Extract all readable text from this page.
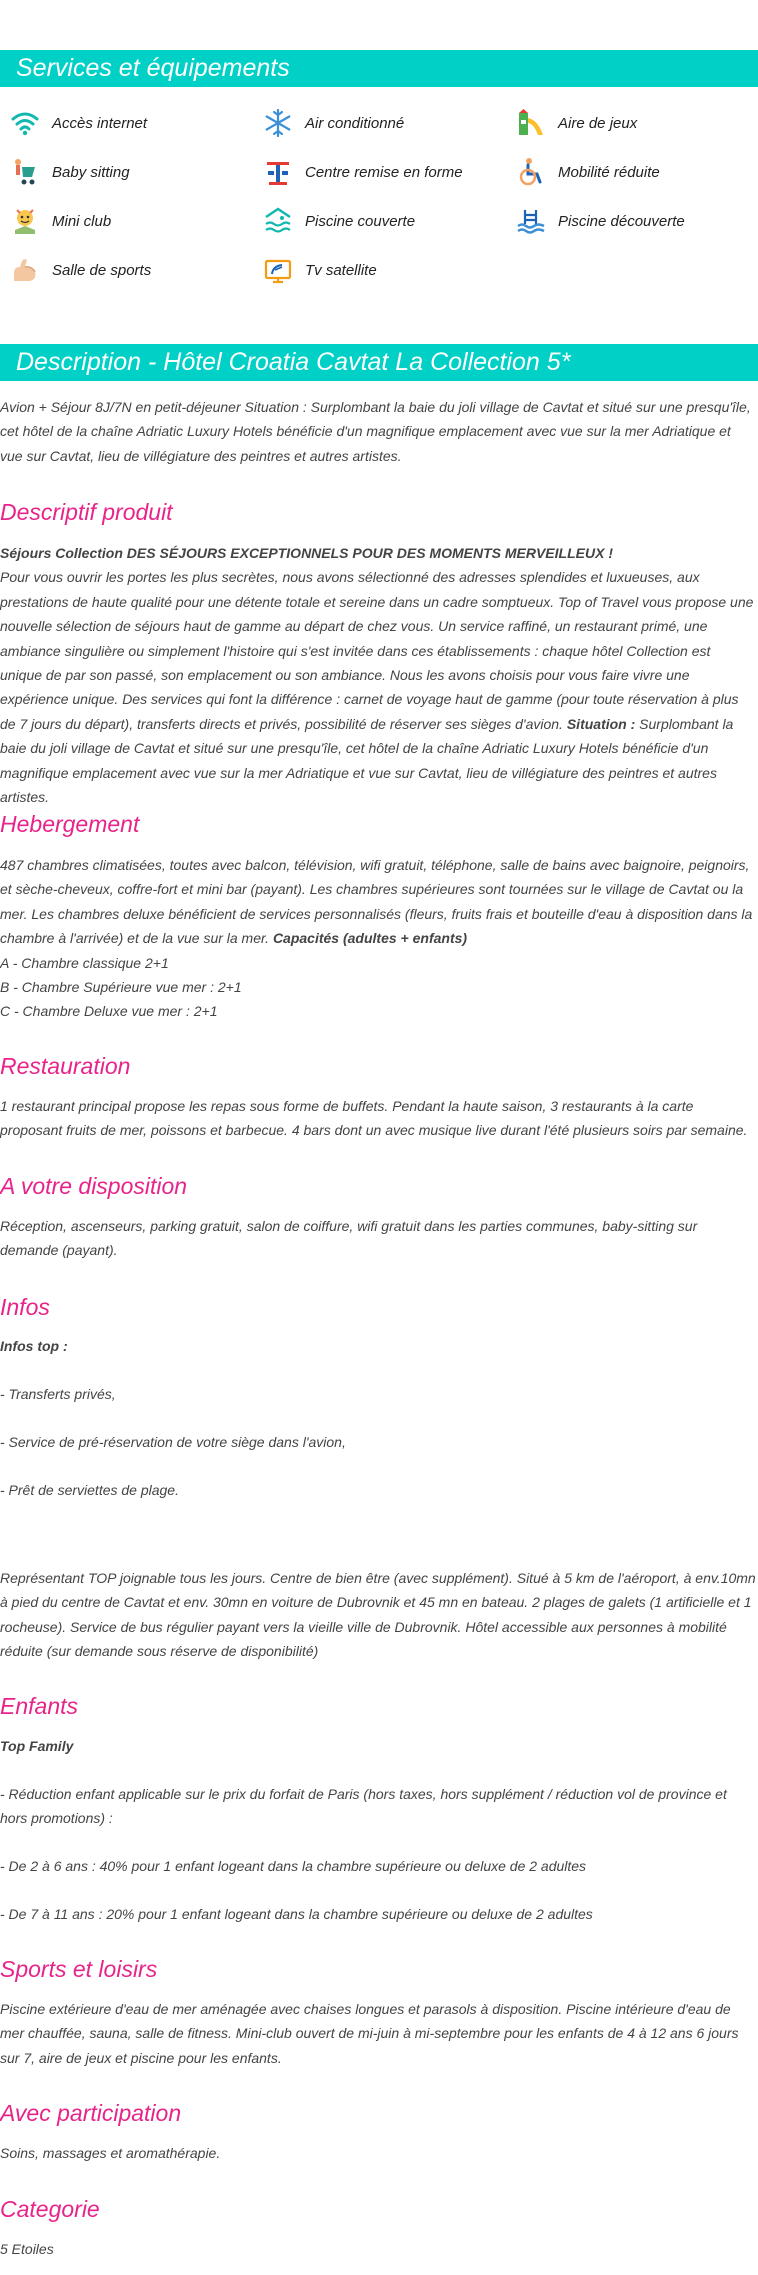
Services et équipements
Accès internet	Air conditionné	Aire de jeux
Baby sitting	Centre remise en forme	Mobilité réduite
Mini club	Piscine couverte	Piscine découverte
Salle de sports	Tv satellite
Description - Hôtel Croatia Cavtat La Collection 5*

Avion + Séjour 8J/7N en petit-déjeuner Situation : Surplombant la baie du joli village de Cavtat et situé sur une presqu'île, cet hôtel de la chaîne Adriatic Luxury Hotels bénéficie d'un magnifique emplacement avec vue sur la mer Adriatique et vue sur Cavtat, lieu de villégiature des peintres et autres artistes.

Descriptif produit

Séjours Collection DES SÉJOURS EXCEPTIONNELS POUR DES MOMENTS MERVEILLEUX !

Pour vous ouvrir les portes les plus secrètes, nous avons sélectionné des adresses splendides et luxueuses, aux prestations de haute qualité pour une détente totale et sereine dans un cadre somptueux. Top of Travel vous propose une nouvelle sélection de séjours haut de gamme au départ de chez vous. Un service raffiné, un restaurant primé, une ambiance singulière ou simplement l'histoire qui s'est invitée dans ces établissements : chaque hôtel Collection est unique de par son passé, son emplacement ou son ambiance. Nous les avons choisis pour vous faire vivre une expérience unique. Des services qui font la différence : carnet de voyage haut de gamme (pour toute réservation à plus de 7 jours du départ), transferts directs et privés, possibilité de réserver ses sièges d'avion. Situation : Surplombant la baie du joli village de Cavtat et situé sur une presqu'île, cet hôtel de la chaîne Adriatic Luxury Hotels bénéficie d'un magnifique emplacement avec vue sur la mer Adriatique et vue sur Cavtat, lieu de villégiature des peintres et autres artistes.

Hebergement

487 chambres climatisées, toutes avec balcon, télévision, wifi gratuit, téléphone, salle de bains avec baignoire, peignoirs, et sèche-cheveux, coffre-fort et mini bar (payant). Les chambres supérieures sont tournées sur le village de Cavtat ou la mer. Les chambres deluxe bénéficient de services personnalisés (fleurs, fruits frais et bouteille d'eau à disposition dans la chambre à l'arrivée) et de la vue sur la mer. Capacités (adultes + enfants)

A - Chambre classique 2+1

B - Chambre Supérieure vue mer : 2+1

C - Chambre Deluxe vue mer : 2+1

Restauration

1 restaurant principal propose les repas sous forme de buffets. Pendant la haute saison, 3 restaurants à la carte proposant fruits de mer, poissons et barbecue. 4 bars dont un avec musique live durant l'été plusieurs soirs par semaine.

A votre disposition

Réception, ascenseurs, parking gratuit, salon de coiffure, wifi gratuit dans les parties communes, baby-sitting sur demande (payant).

Infos

Infos top :

- Transferts privés,

- Service de pré-réservation de votre siège dans l'avion,

- Prêt de serviettes de plage.

Représentant TOP joignable tous les jours. Centre de bien être (avec supplément). Situé à 5 km de l'aéroport, à env.10mn à pied du centre de Cavtat et env. 30mn en voiture de Dubrovnik et 45 mn en bateau. 2 plages de galets (1 artificielle et 1 rocheuse). Service de bus régulier payant vers la vieille ville de Dubrovnik. Hôtel accessible aux personnes à mobilité réduite (sur demande sous réserve de disponibilité)

Enfants

Top Family

- Réduction enfant applicable sur le prix du forfait de Paris (hors taxes, hors supplément / réduction vol de province et hors promotions) :

- De 2 à 6 ans : 40% pour 1 enfant logeant dans la chambre supérieure ou deluxe de 2 adultes

- De 7 à 11 ans : 20% pour 1 enfant logeant dans la chambre supérieure ou deluxe de 2 adultes

Sports et loisirs

Piscine extérieure d'eau de mer aménagée avec chaises longues et parasols à disposition. Piscine intérieure d'eau de mer chauffée, sauna, salle de fitness. Mini-club ouvert de mi-juin à mi-septembre pour les enfants de 4 à 12 ans 6 jours sur 7, aire de jeux et piscine pour les enfants.

Avec participation

Soins, massages et aromathérapie.

Categorie

5 Etoiles
